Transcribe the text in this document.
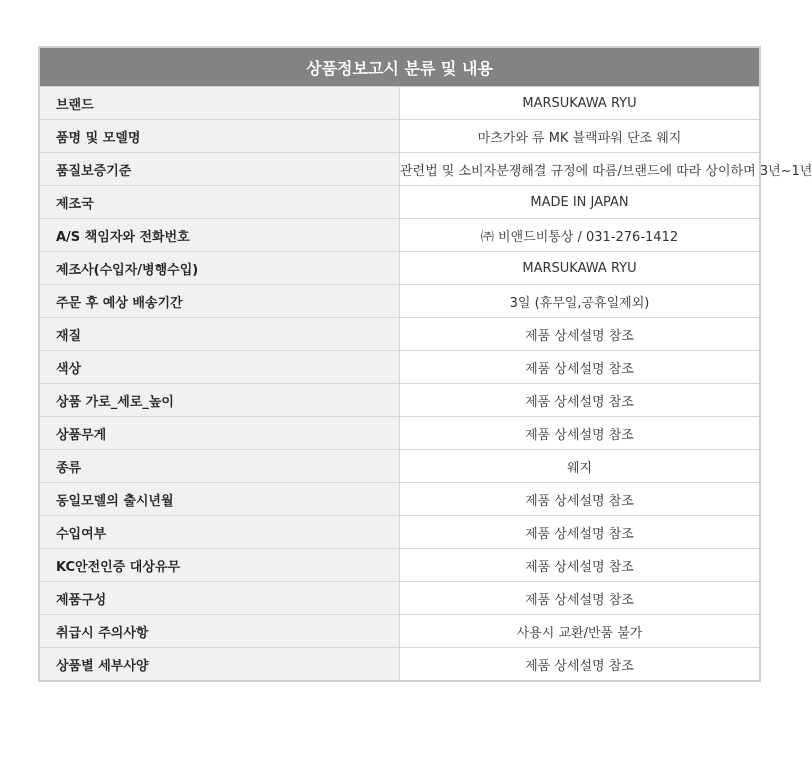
상품정보고시 분류 및 내용	
브랜드	MARSUKAWA RYU
품명 및 모델명	마츠가와 류 MK 블랙파워 단조 웨지
품질보증기준	관련법 및 소비자분쟁해결 규정에 따름/브랜드에 따라 상이하며 3년~1년
제조국	MADE IN JAPAN
A/S 책임자와 전화번호	㈜ 비앤드비통상 / 031-276-1412
제조사(수입자/병행수입)	MARSUKAWA RYU
주문 후 예상 배송기간	3일 (휴무일,공휴일제외)
재질	제품 상세설명 참조
색상	제품 상세설명 참조
상품 가로_세로_높이	제품 상세설명 참조
상품무게	제품 상세설명 참조
종류	웨지
동일모델의 출시년월	제품 상세설명 참조
수입여부	제품 상세설명 참조
KC안전인증 대상유무	제품 상세설명 참조
제품구성	제품 상세설명 참조
취급시 주의사항	사용시 교환/반품 불가
상품별 세부사양	제품 상세설명 참조
